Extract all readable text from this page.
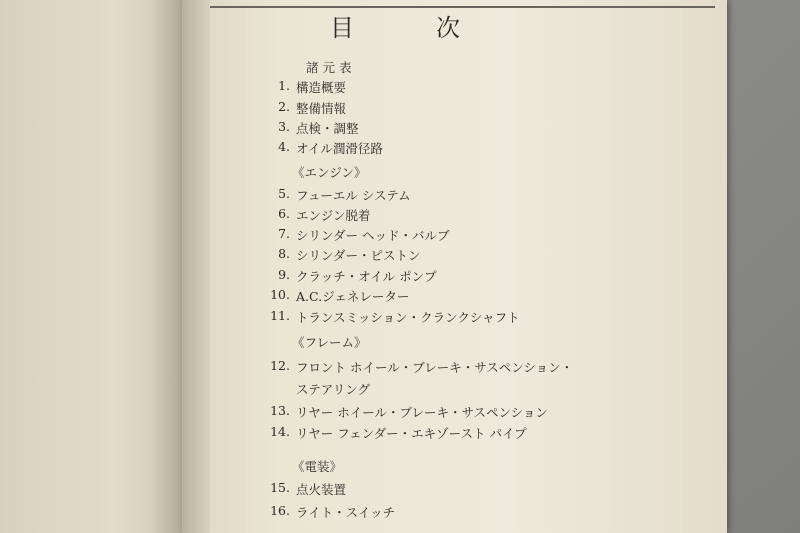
目	次
諸 元 表
1. 構造概要
2. 整備情報
3. 点検・調整
4. オイル潤滑径路
《エンジン》
5. フューエル システム
6. エンジン脱着
7. シリンダー ヘッド・バルブ
8. シリンダー・ピストン
9. クラッチ・オイル ポンプ
10. A.C.ジェネレーター
11. トランスミッション・クランクシャフト
《フレーム》
12. フロント ホイール・ブレーキ・サスペンション・
ステアリング
13. リヤー ホイール・ブレーキ・サスペンション
14. リヤー フェンダー・エキゾースト パイプ
《電装》
15. 点火装置
16. ライト・スイッチ
